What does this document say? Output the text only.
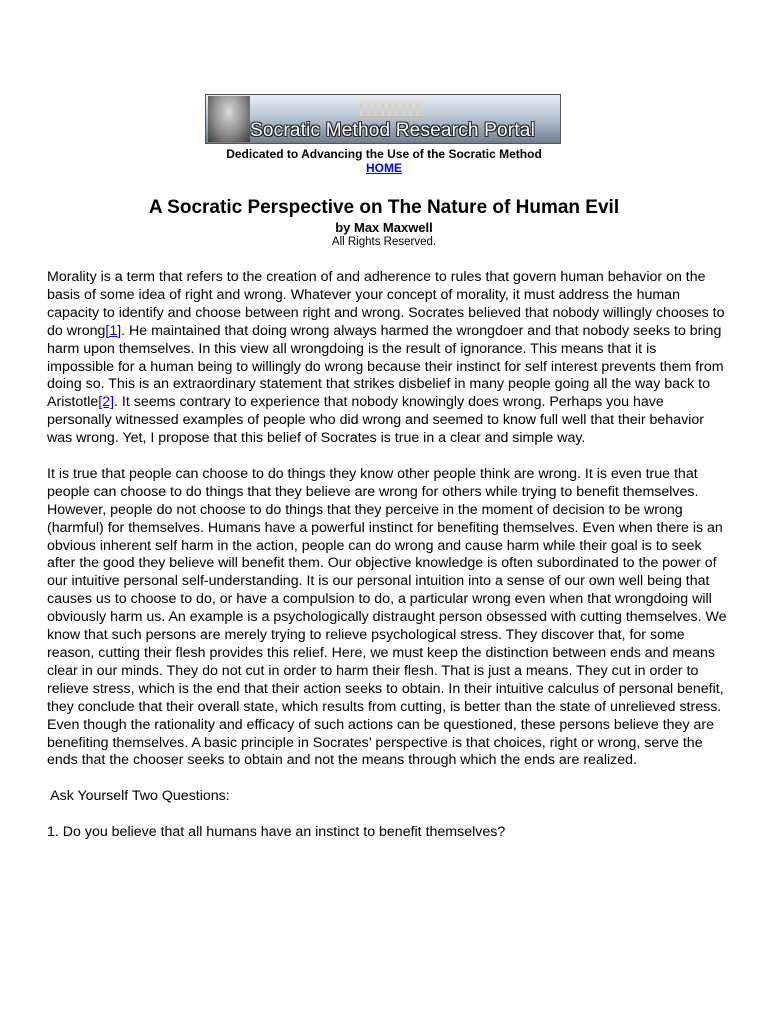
Socratic Method Research Portal
Dedicated to Advancing the Use of the Socratic Method
HOME
A Socratic Perspective on The Nature of Human Evil
by Max Maxwell
All Rights Reserved.

Morality is a term that refers to the creation of and adherence to rules that govern human behavior on the basis of some idea of right and wrong. Whatever your concept of morality, it must address the human capacity to identify and choose between right and wrong. Socrates believed that nobody willingly chooses to do wrong[1]. He maintained that doing wrong always harmed the wrongdoer and that nobody seeks to bring harm upon themselves. In this view all wrongdoing is the result of ignorance. This means that it is impossible for a human being to willingly do wrong because their instinct for self interest prevents them from doing so. This is an extraordinary statement that strikes disbelief in many people going all the way back to Aristotle[2]. It seems contrary to experience that nobody knowingly does wrong. Perhaps you have personally witnessed examples of people who did wrong and seemed to know full well that their behavior was wrong. Yet, I propose that this belief of Socrates is true in a clear and simple way.

It is true that people can choose to do things they know other people think are wrong. It is even true that people can choose to do things that they believe are wrong for others while trying to benefit themselves. However, people do not choose to do things that they perceive in the moment of decision to be wrong (harmful) for themselves. Humans have a powerful instinct for benefiting themselves. Even when there is an obvious inherent self harm in the action, people can do wrong and cause harm while their goal is to seek after the good they believe will benefit them. Our objective knowledge is often subordinated to the power of our intuitive personal self-understanding. It is our personal intuition into a sense of our own well being that causes us to choose to do, or have a compulsion to do, a particular wrong even when that wrongdoing will obviously harm us. An example is a psychologically distraught person obsessed with cutting themselves. We know that such persons are merely trying to relieve psychological stress. They discover that, for some reason, cutting their flesh provides this relief. Here, we must keep the distinction between ends and means clear in our minds. They do not cut in order to harm their flesh. That is just a means. They cut in order to relieve stress, which is the end that their action seeks to obtain. In their intuitive calculus of personal benefit, they conclude that their overall state, which results from cutting, is better than the state of unrelieved stress. Even though the rationality and efficacy of such actions can be questioned, these persons believe they are benefiting themselves. A basic principle in Socrates’ perspective is that choices, right or wrong, serve the ends that the chooser seeks to obtain and not the means through which the ends are realized.

Ask Yourself Two Questions:

1. Do you believe that all humans have an instinct to benefit themselves?
